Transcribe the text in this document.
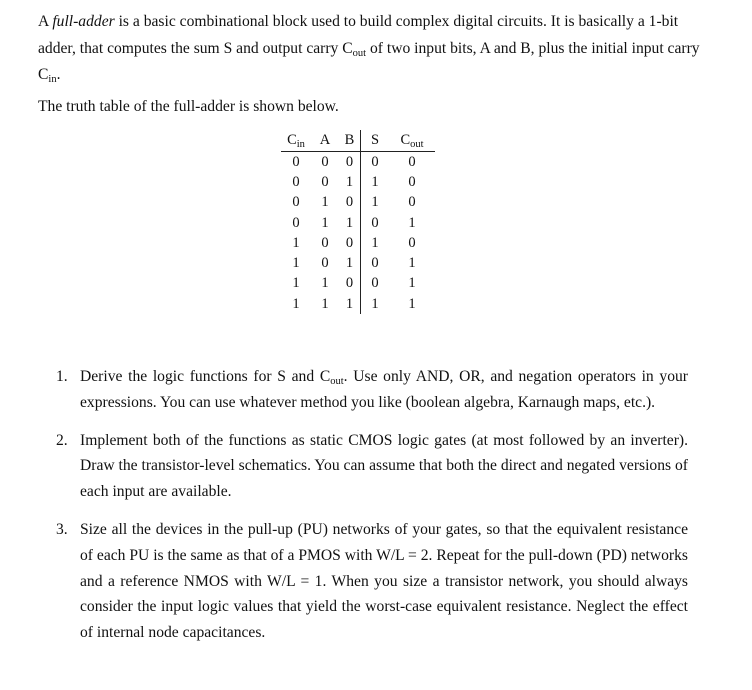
A full-adder is a basic combinational block used to build complex digital circuits. It is basically a 1-bit adder, that computes the sum S and output carry $C_{out}$ of two input bits, A and B, plus the initial input carry $C_{in}$.

The truth table of the full-adder is shown below.

$C_{in}$	A	B	S	$C_{out}$
0	0	0	0	0
0	0	1	1	0
0	1	0	1	0
0	1	1	0	1
1	0	0	1	0
1	0	1	0	1
1	1	0	0	1
1	1	1	1	1
1. Derive the logic functions for S and $C_{out}$. Use only AND, OR, and negation operators in your expressions. You can use whatever method you like (boolean algebra, Karnaugh maps, etc.).
2. Implement both of the functions as static CMOS logic gates (at most followed by an inverter). Draw the transistor-level schematics. You can assume that both the direct and negated versions of each input are available.
3. Size all the devices in the pull-up (PU) networks of your gates, so that the equivalent resistance of each PU is the same as that of a PMOS with W/L = 2. Repeat for the pull-down (PD) networks and a reference NMOS with W/L = 1. When you size a transistor network, you should always consider the input logic values that yield the worst-case equivalent resistance. Neglect the effect of internal node capacitances.
